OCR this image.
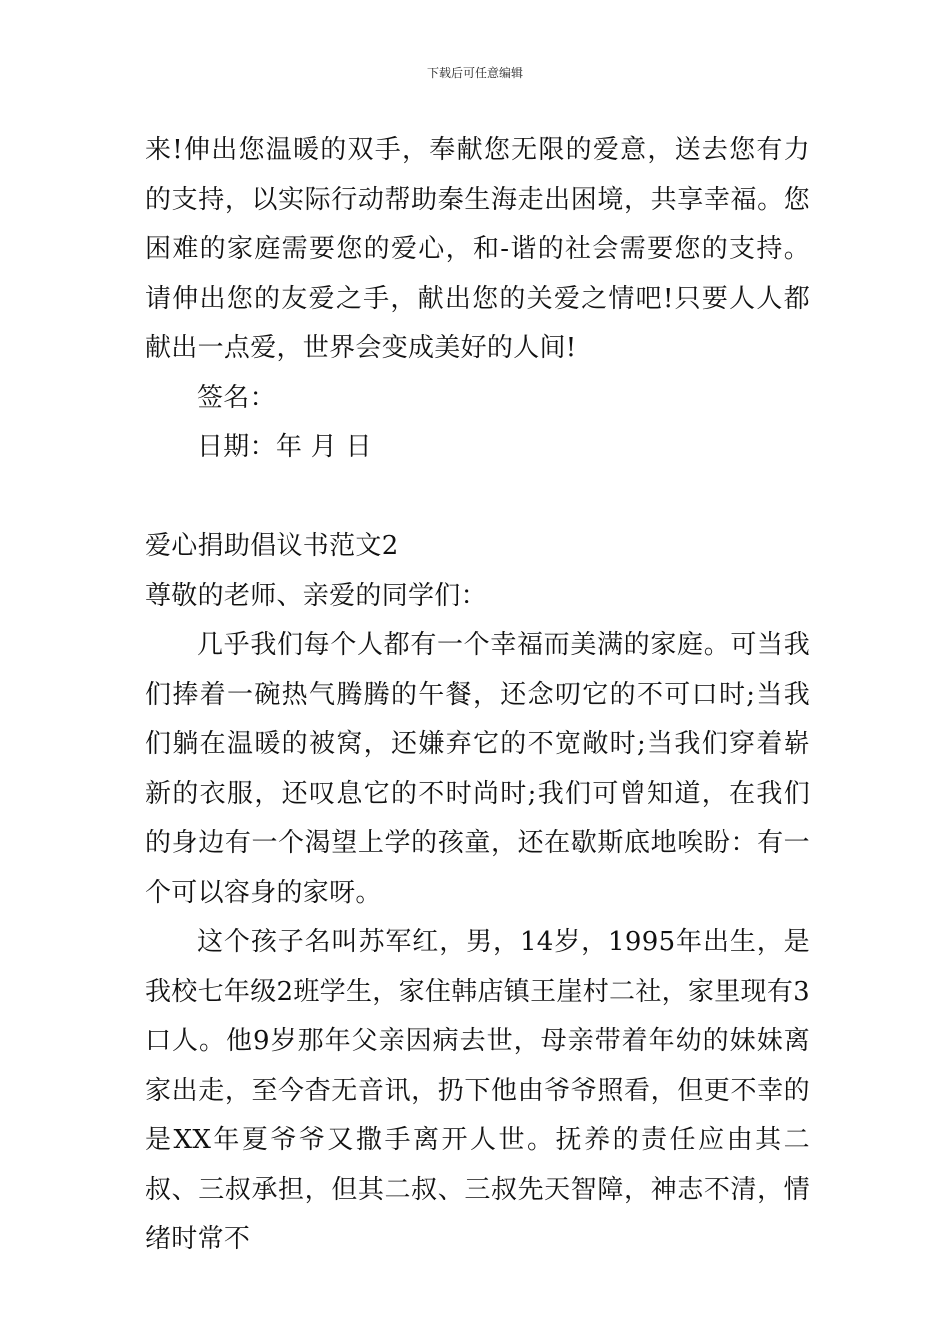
下载后可任意编辑

来!伸出您温暖的双手，奉献您无限的爱意，送去您有力的支持，以实际行动帮助秦生海走出困境，共享幸福。您困难的家庭需要您的爱心，和-谐的社会需要您的支持。请伸出您的友爱之手，献出您的关爱之情吧!只要人人都献出一点爱，世界会变成美好的人间!

签名：

日期：年 月 日

爱心捐助倡议书范文2

尊敬的老师、亲爱的同学们：

几乎我们每个人都有一个幸福而美满的家庭。可当我们捧着一碗热气腾腾的午餐，还念叨它的不可口时;当我们躺在温暖的被窝，还嫌弃它的不宽敞时;当我们穿着崭新的衣服，还叹息它的不时尚时;我们可曾知道，在我们的身边有一个渴望上学的孩童，还在歇斯底地唉盼：有一个可以容身的家呀。

这个孩子名叫苏军红，男，14岁，1995年出生，是我校七年级2班学生，家住韩店镇王崖村二社，家里现有3口人。他9岁那年父亲因病去世，母亲带着年幼的妹妹离家出走，至今杳无音讯，扔下他由爷爷照看，但更不幸的是XX年夏爷爷又撒手离开人世。抚养的责任应由其二叔、三叔承担，但其二叔、三叔先天智障，神志不清，情绪时常不
